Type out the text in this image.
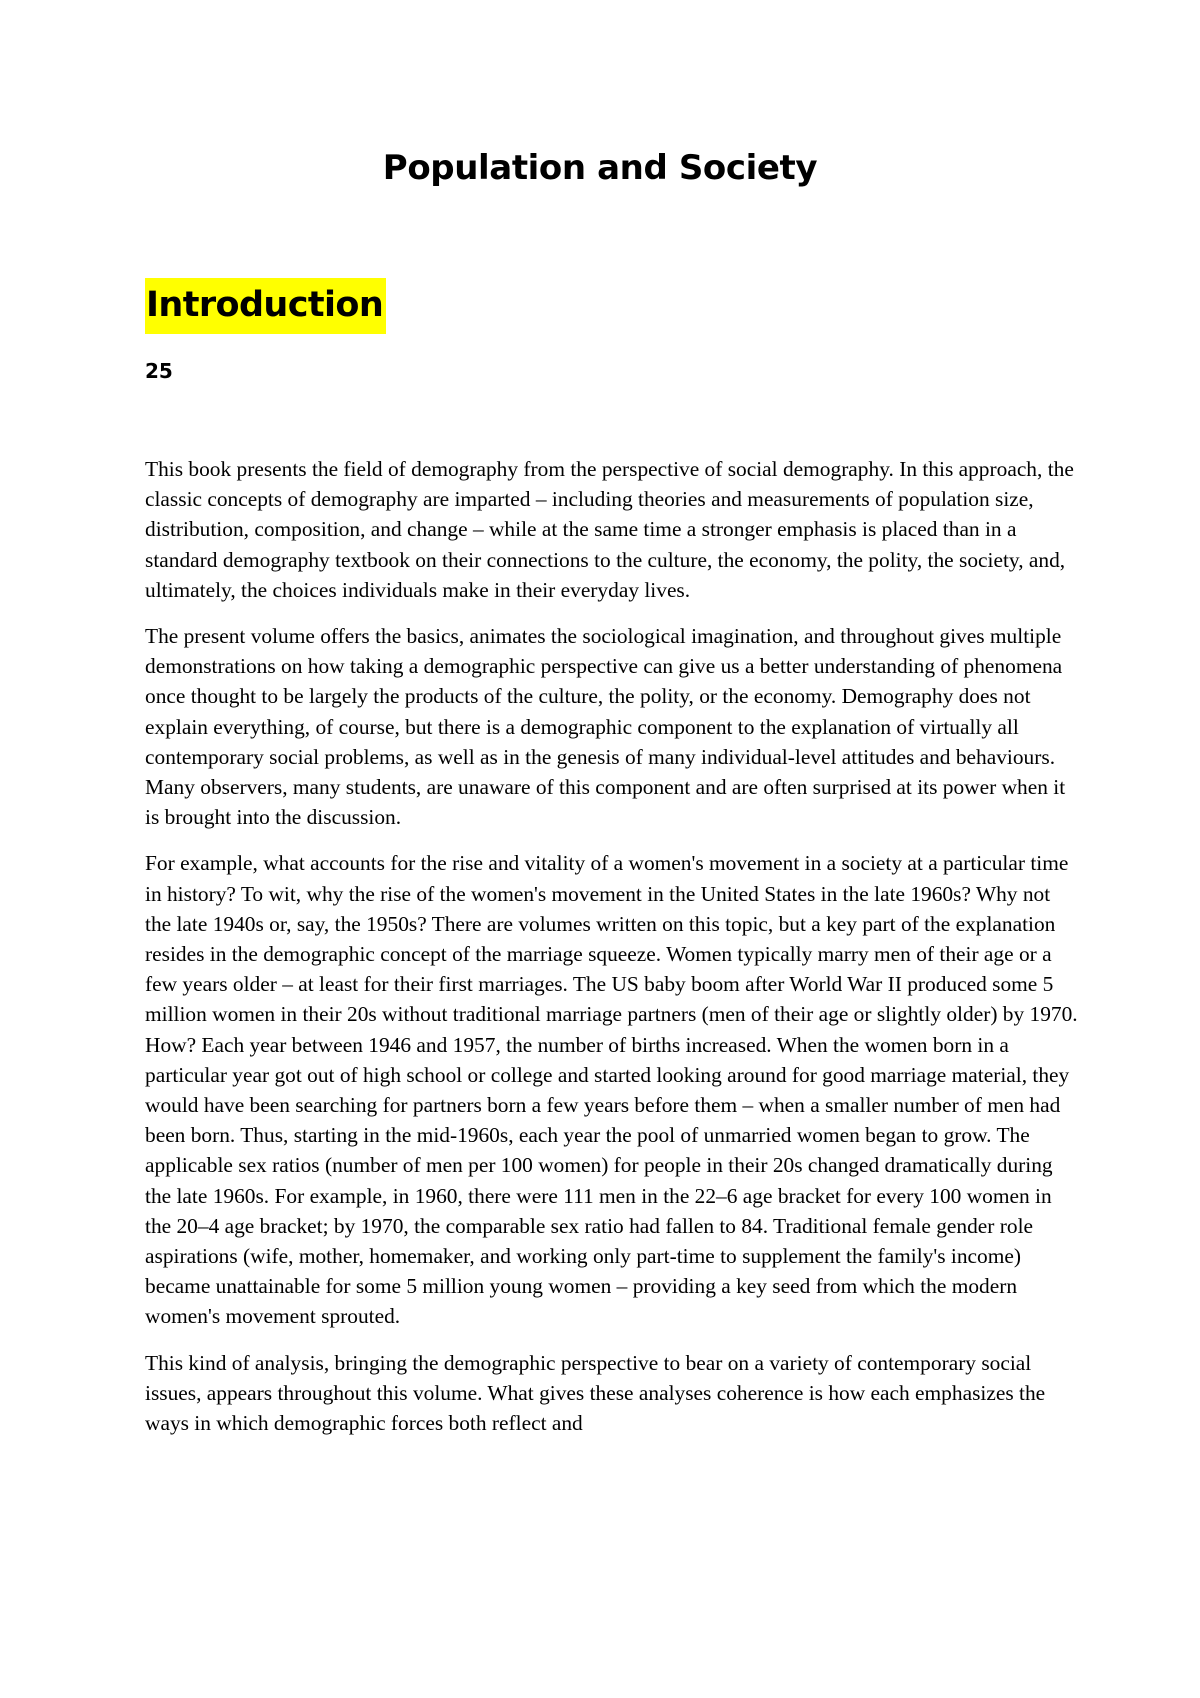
Population and Society
Introduction
25

This book presents the field of demography from the perspective of social demography. In this approach, the classic concepts of demography are imparted – including theories and measurements of population size, distribution, composition, and change – while at the same time a stronger emphasis is placed than in a standard demography textbook on their connections to the culture, the economy, the polity, the society, and, ultimately, the choices individuals make in their everyday lives.

The present volume offers the basics, animates the sociological imagination, and throughout gives multiple demonstrations on how taking a demographic perspective can give us a better understanding of phenomena once thought to be largely the products of the culture, the polity, or the economy. Demography does not explain everything, of course, but there is a demographic component to the explanation of virtually all contemporary social problems, as well as in the genesis of many individual-level attitudes and behaviours. Many observers, many students, are unaware of this component and are often surprised at its power when it is brought into the discussion.

For example, what accounts for the rise and vitality of a women's movement in a society at a particular time in history? To wit, why the rise of the women's movement in the United States in the late 1960s? Why not the late 1940s or, say, the 1950s? There are volumes written on this topic, but a key part of the explanation resides in the demographic concept of the marriage squeeze. Women typically marry men of their age or a few years older – at least for their first marriages. The US baby boom after World War II produced some 5 million women in their 20s without traditional marriage partners (men of their age or slightly older) by 1970. How? Each year between 1946 and 1957, the number of births increased. When the women born in a particular year got out of high school or college and started looking around for good marriage material, they would have been searching for partners born a few years before them – when a smaller number of men had been born. Thus, starting in the mid-1960s, each year the pool of unmarried women began to grow. The applicable sex ratios (number of men per 100 women) for people in their 20s changed dramatically during the late 1960s. For example, in 1960, there were 111 men in the 22–6 age bracket for every 100 women in the 20–4 age bracket; by 1970, the comparable sex ratio had fallen to 84. Traditional female gender role aspirations (wife, mother, homemaker, and working only part-time to supplement the family's income) became unattainable for some 5 million young women – providing a key seed from which the modern women's movement sprouted.

This kind of analysis, bringing the demographic perspective to bear on a variety of contemporary social issues, appears throughout this volume. What gives these analyses coherence is how each emphasizes the ways in which demographic forces both reflect and
